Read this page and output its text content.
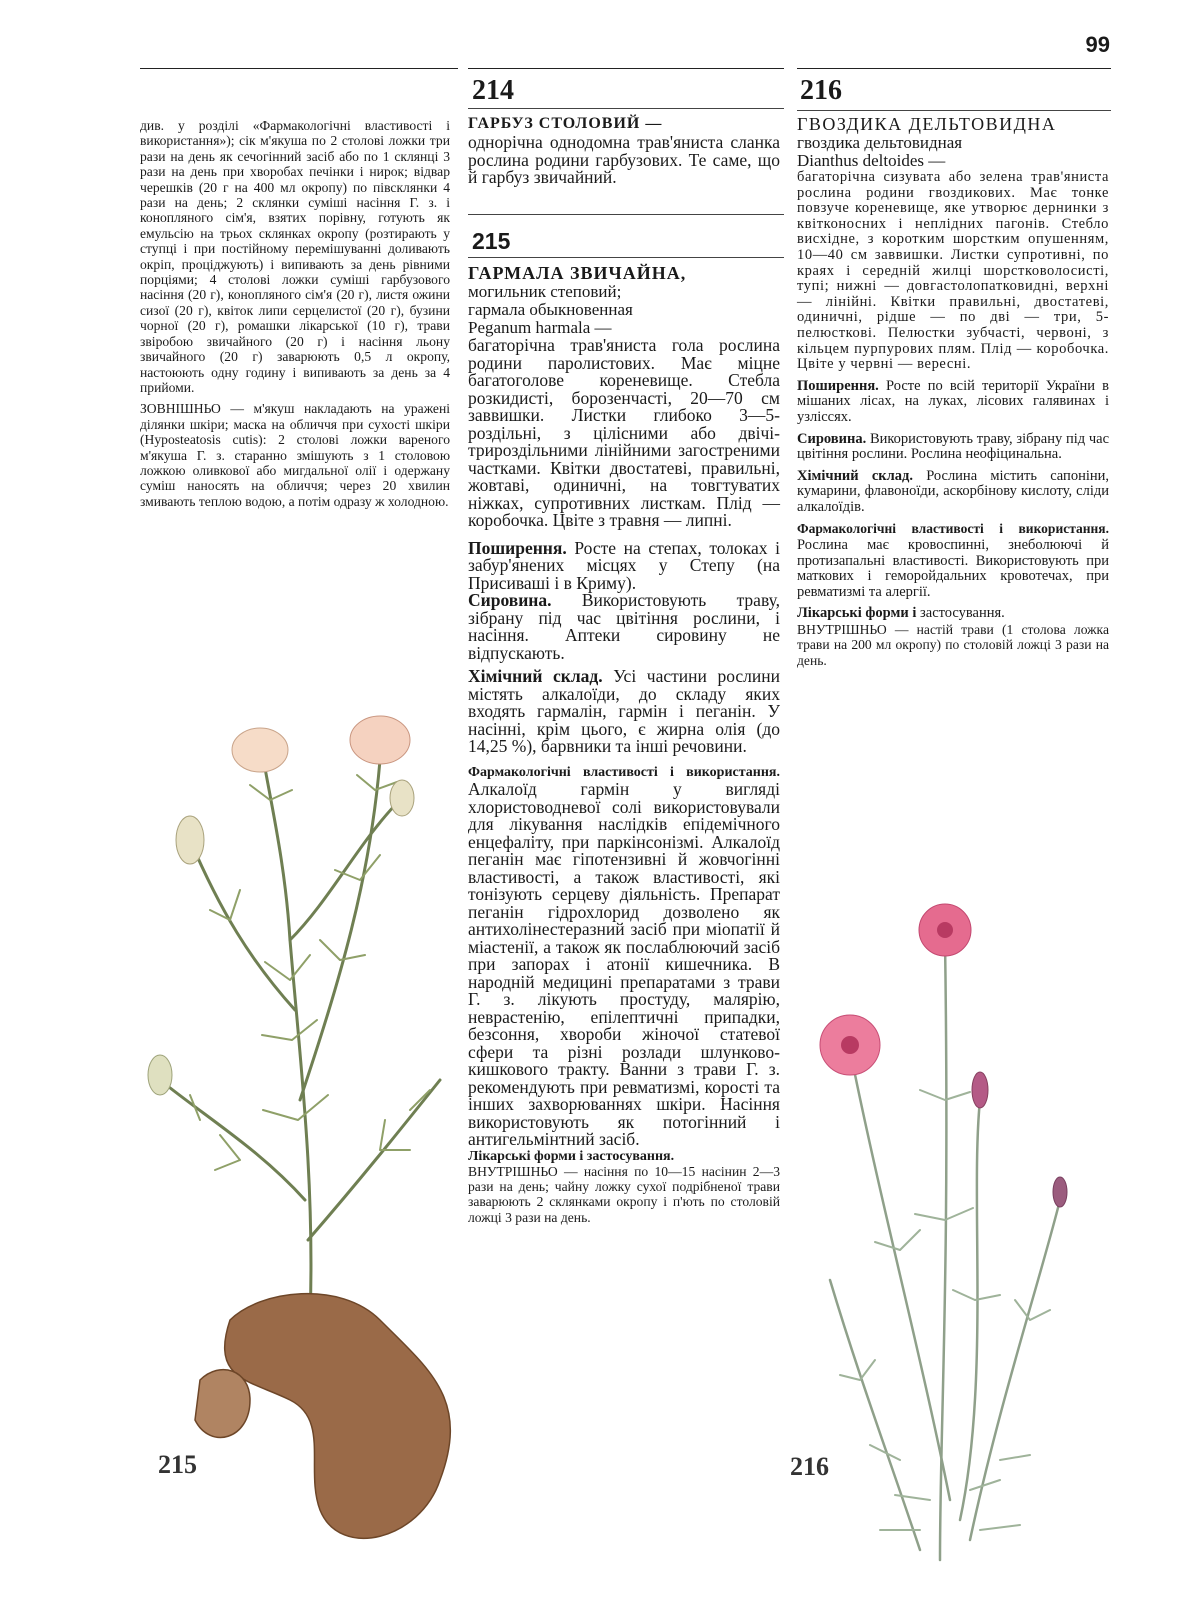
99

див. у розділі «Фармакологічні властивості і використання»); сік м'якуша по 2 столові ложки три рази на день як сечогінний засіб або по 1 склянці 3 рази на день при хворобах печінки і нирок; відвар черешків (20 г на 400 мл окропу) по півсклянки 4 рази на день; 2 склянки суміші насіння Г. з. і конопляного сім'я, взятих порівну, готують як емульсію на трьох склянках окропу (розтирають у ступці і при постійному перемішуванні доливають окріп, проціджують) і випивають за день рівними порціями; 4 столові ложки суміші гарбузового насіння (20 г), конопляного сім'я (20 г), листя ожини сизої (20 г), квіток липи серцелистої (20 г), бузини чорної (20 г), ромашки лікарської (10 г), трави звіробою звичайного (20 г) і насіння льону звичайного (20 г) заварюють 0,5 л окропу, настоюють одну годину і випивають за день за 4 прийоми.

ЗОВНІШНЬО — м'якуш накладають на уражені ділянки шкіри; маска на обличчя при сухості шкіри (Hyposteatosis cutis): 2 столові ложки вареного м'якуша Г. з. старанно змішують з 1 столовою ложкою оливкової або мигдальної олії і одержану суміш наносять на обличчя; через 20 хвилин змивають теплою водою, а потім одразу ж холодною.

214
ГАРБУЗ СТОЛОВИЙ —

однорічна однодомна трав'яниста сланка рослина родини гарбузових. Те саме, що й гарбуз звичайний.

215
ГАРМАЛА ЗВИЧАЙНА,
могильник степовий;
гармала обыкновенная
Peganum harmala —

багаторічна трав'яниста гола рослина родини паролистових. Має міцне багатоголове кореневище. Стебла розкидисті, борозенчасті, 20—70 см заввишки. Листки глибоко 3—5-роздільні, з цілісними або двічі-трироздільними лінійними загостреними частками. Квітки двостатеві, правильні, жовтаві, одиничні, на товгтуватих ніжках, супротивних листкам. Плід — коробочка. Цвіте з травня — липні.

Поширення. Росте на степах, толоках і забур'янених місцях у Степу (на Присиваші і в Криму).

Сировина. Використовують траву, зібрану під час цвітіння рослини, і насіння. Аптеки сировину не відпускають.

Хімічний склад. Усі частини рослини містять алкалоїди, до складу яких входять гармалін, гармін і пеганін. У насінні, крім цього, є жирна олія (до 14,25 %), барвники та інші речовини.

Фармакологічні властивості і використання. Алкалоїд гармін у вигляді хлористоводневої солі використовували для лікування наслідків епідемічного енцефаліту, при паркінсонізмі. Алкалоїд пеганін має гіпотензивні й жовчогінні властивості, а також властивості, які тонізують серцеву діяльність. Препарат пеганін гідрохлорид дозволено як антихолінестеразний засіб при міопатії й міастенії, а також як послаблюючий засіб при запорах і атонії кишечника. В народній медицині препаратами з трави Г. з. лікують простуду, малярію, неврастенію, епілептичні припадки, безсоння, хвороби жіночої статевої сфери та різні розлади шлунково-кишкового тракту. Ванни з трави Г. з. рекомендують при ревматизмі, корості та інших захворюваннях шкіри. Насіння використовують як потогінний і антигельмінтний засіб.

Лікарські форми і застосування.

ВНУТРІШНЬО — насіння по 10—15 насінин 2—3 рази на день; чайну ложку сухої подрібненої трави заварюють 2 склянками окропу і п'ють по столовій ложці 3 рази на день.

216
ГВОЗДИКА ДЕЛЬТОВИДНА
гвоздика дельтовидная
Dianthus deltoides —

багаторічна сизувата або зелена трав'яниста рослина родини гвоздикових. Має тонке повзуче кореневище, яке утворює дернинки з квітконосних і неплідних пагонів. Стебло висхідне, з коротким шорстким опушенням, 10—40 см заввишки. Листки супротивні, по краях і середній жилці шорстковолосисті, тупі; нижні — довгастолопатковидні, верхні — лінійні. Квітки правильні, двостатеві, одиничні, рідше — по дві — три, 5-пелюсткові. Пелюстки зубчасті, червоні, з кільцем пурпурових плям. Плід — коробочка. Цвіте у червні — вересні.

Поширення. Росте по всій території України в мішаних лісах, на луках, лісових галявинах і узліссях.

Сировина. Використовують траву, зібрану під час цвітіння рослини. Рослина неофіцинальна.

Хімічний склад. Рослина містить сапоніни, кумарини, флавоноїди, аскорбінову кислоту, сліди алкалоїдів.

Фармакологічні властивості і використання. Рослина має кровоспинні, знеболюючі й протизапальні властивості. Використовують при маткових і геморойдальних кровотечах, при ревматизмі та алергії.

Лікарські форми і застосування.

ВНУТРІШНЬО — настій трави (1 столова ложка трави на 200 мл окропу) по столовій ложці 3 рази на день.

215	216
